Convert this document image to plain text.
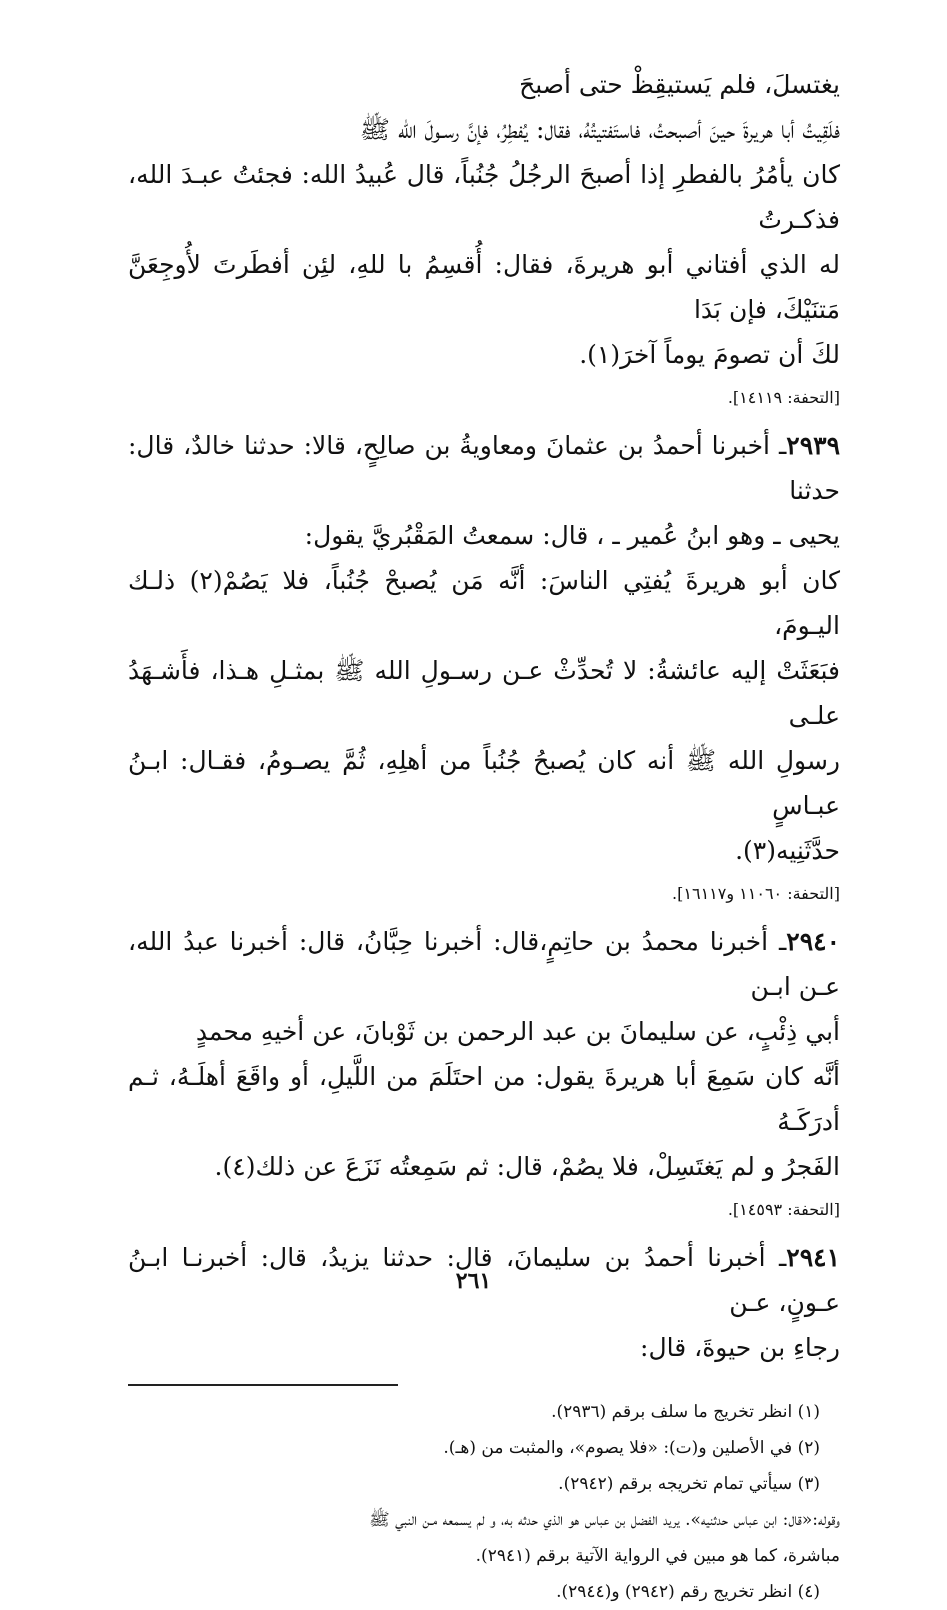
يغتسلَ، فلم يَستيقِظْ حتى أصبحَ

فلَقِيتُ أبا هريرةَ حينَ أصبحتُ، فاستَفتيتُهُ، فقال: يُفطِرُ، فإنَّ رسـولَ الله ﷺ

كان يأمُرُ بالفطرِ إذا أصبحَ الرجُلُ جُنُباً، قال عُبيدُ الله: فجئتُ عبـدَ الله، فذكـرتُ

له الذي أفتاني أبو هريرةَ، فقال: أُقسِمُ با للهِ، لئِن أفطَرتَ لأُوجِعَنَّ مَتنَيْكَ، فإن بَدَا

لكَ أن تصومَ يوماً آخرَ(١).

[التحفة: ١٤١١٩].

٢٩٣٩ـ أخبرنا أحمدُ بن عثمانَ ومعاويةُ بن صالِحٍ، قالا: حدثنا خالدٌ، قال: حدثنا

يحيى ـ وهو ابنُ عُمير ـ ، قال: سمعتُ المَقْبُريَّ يقول:

كان أبو هريرةَ يُفتِي الناسَ: أنَّه مَن يُصبحْ جُنُباً، فلا يَصُمْ(٢) ذلـك اليـومَ،

فبَعَثَتْ إليه عائشةُ: لا تُحدِّثْ عـن رسـولِ الله ﷺ بمثـلِ هـذا، فأَشـهَدُ علـى

رسولِ الله ﷺ أنه كان يُصبحُ جُنُباً من أهلِهِ، ثُمَّ يصـومُ، فقـال: ابـنُ عبـاسٍ

حدَّثَنِيه(٣).

[التحفة: ١١٠٦٠ و١٦١١٧].

٢٩٤٠ـ أخبرنا محمدُ بن حاتِمٍ،قال: أخبرنا حِبَّانُ، قال: أخبرنا عبدُ الله، عـن ابـن

أبي ذِئْبٍ، عن سليمانَ بن عبد الرحمن بن ثَوْبانَ، عن أخيهِ محمدٍ

أنَّه كان سَمِعَ أبا هريرةَ يقول: من احتَلَمَ من اللَّيلِ، أو واقَعَ أهلَـهُ، ثـم أدرَكَـهُ

الفَجرُ و لم يَغتَسِلْ، فلا يصُمْ، قال: ثم سَمِعتُه نَزَعَ عن ذلك(٤).

[التحفة: ١٤٥٩٣].

٢٩٤١ـ أخبرنا أحمدُ بن سليمانَ، قال: حدثنا يزيدُ، قال: أخبرنـا ابـنُ عـونٍ، عـن

رجاءِ بن حيوةَ، قال:

(١) انظر تخريج ما سلف برقم (٢٩٣٦).

(٢) في الأصلين و(ت): «فلا يصوم»، والمثبت من (هـ).

(٣) سيأتي تمام تخريجه برقم (٢٩٤٢).

وقوله:«قال: ابن عباس حدثنيه». يريد الفضل بن عباس هو الذي حدثه به، و لم يسمعه مـن النبي ﷺ

مباشرة، كما هو مبين في الرواية الآتية برقم (٢٩٤١).

(٤) انظر تخريج رقم (٢٩٤٢) و(٢٩٤٤).

٢٦١
